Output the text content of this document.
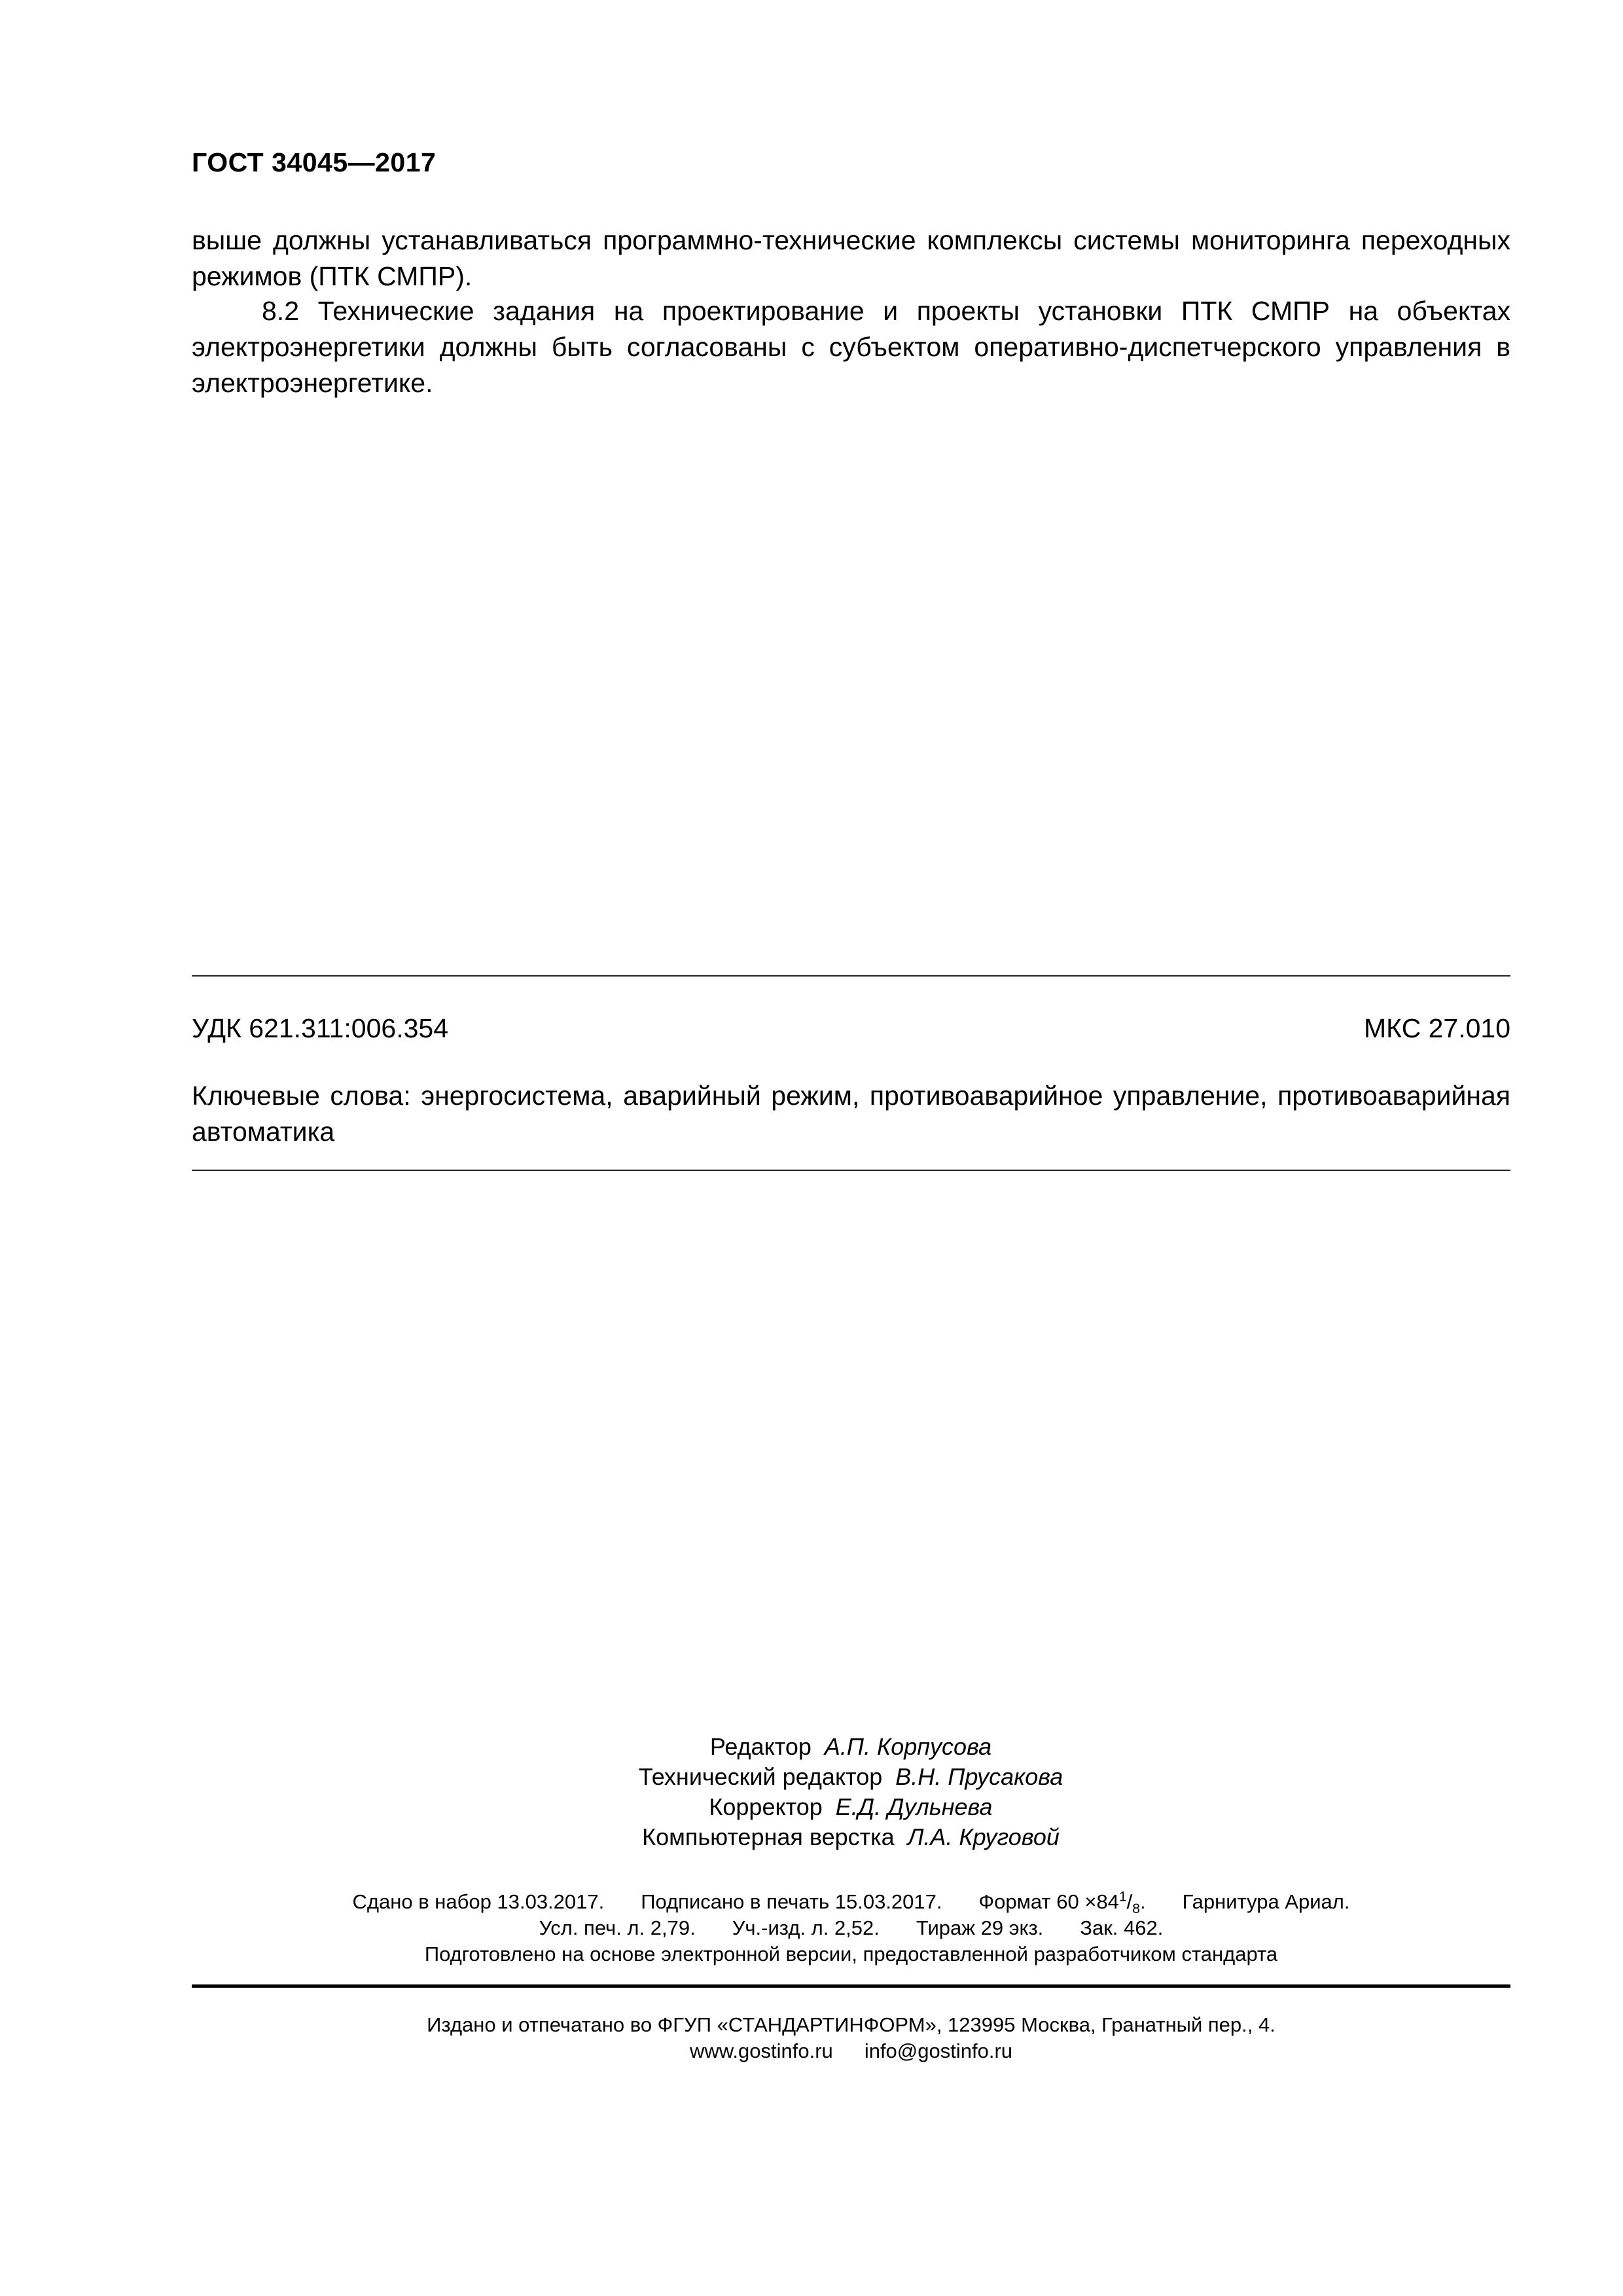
ГОСТ 34045—2017

выше должны устанавливаться программно-технические комплексы системы мониторинга переходных режимов (ПТК СМПР).

8.2 Технические задания на проектирование и проекты установки ПТК СМПР на объектах электроэнергетики должны быть согласованы с субъектом оперативно-диспетчерского управления в электроэнергетике.

УДК 621.311:006.354	МКС 27.010

Ключевые слова: энергосистема, аварийный режим, противоаварийное управление, противоаварийная автоматика

Редактор А.П. Корпусова
Технический редактор В.Н. Прусакова
Корректор Е.Д. Дульнева
Компьютерная верстка Л.А. Круговой
Сдано в набор 13.03.2017. Подписано в печать 15.03.2017. Формат $60 \times 84^1/_8$. Гарнитура Ариал.
Усл. печ. л. 2,79. Уч.-изд. л. 2,52. Тираж 29 экз. Зак. 462.
Подготовлено на основе электронной версии, предоставленной разработчиком стандарта
Издано и отпечатано во ФГУП «СТАНДАРТИНФОРМ», 123995 Москва, Гранатный пер., 4.
www.gostinfo.ru info@gostinfo.ru
